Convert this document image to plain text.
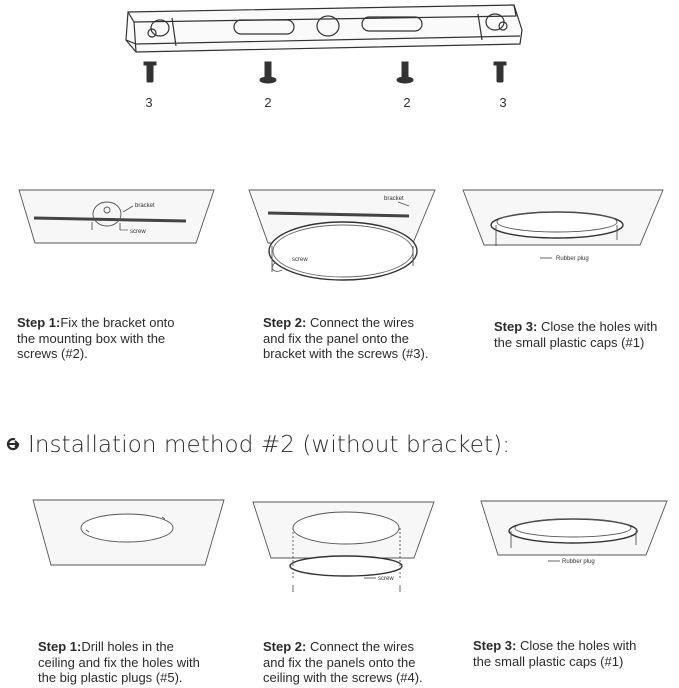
bracket
screw
bracket
screw	Rubber plug
screw
Rubber plug
3	2	2	3
Step 1:Fix the bracket onto
the mounting box with the
screws (#2).
Step 2: Connect the wires
and fix the panel onto the
bracket with the screws (#3).
Step 3: Close the holes with
the small plastic caps (#1)
Installation method #2 (without bracket):
Step 1:Drill holes in the
ceiling and fix the holes with
the big plastic plugs (#5).
Step 2: Connect the wires
and fix the panels onto the
ceiling with the screws (#4).
Step 3: Close the holes with
the small plastic caps (#1)
